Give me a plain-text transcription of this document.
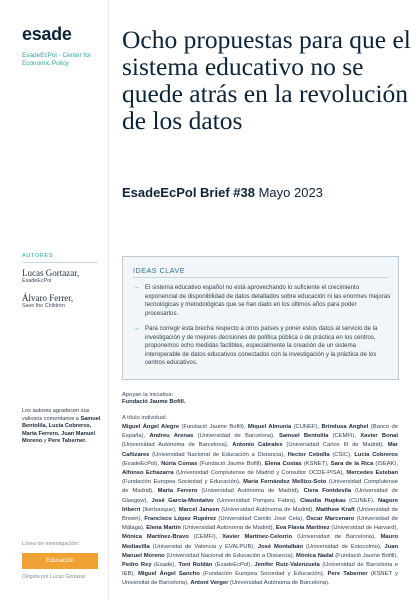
esade
EsadeEcPol - Center for Economic Policy
AUTORES
Lucas Gortazar,
EsadeEcPol
Álvaro Ferrer,
Save the Children
Los autores agradecen sus valiosos comentarios a Samuel Bentolila, Lucía Cobreros, Marta Ferrero, Juan Manuel Moreno y Pere Taberner.
Línea de investigación:
Educación
Dirigida por Lucas Gortazar
Ocho propuestas para que el sistema educativo no se quede atrás en la revolución de los datos
EsadeEcPol Brief #38 Mayo 2023
IDEAS CLAVE
→ El sistema educativo español no está aprovechando lo suficiente el crecimiento exponencial de disponibilidad de datos detallados sobre educación ni las enormes mejoras tecnológicas y metodológicas que se han dado en los últimos años para poder procesarlos.
→ Para corregir esta brecha respecto a otros países y poner estos datos al servicio de la investigación y de mejores decisiones de política pública o de práctica en los centros, proponemos ocho medidas factibles, especialmente la creación de un sistema interoperable de datos educativos conectados con la investigación y la práctica de los centros educativos.
Apoyan la iniciativa:
Fundació Jaume Bofill.
A título individual:
Miguel Ángel Alegre (Fundació Jaume Bofill), Miquel Almunia (CUNEF), Brindusa Anghel (Banco de España), Andreu Arenas (Universidad de Barcelona), Samuel Bentolila (CEMFI), Xavier Bonal (Universidad Autónoma de Barcelona), Antonio Cabrales (Universidad Carlos III de Madrid), Mar Cañizares (Universidad Nacional de Educación a Distancia), Hector Cebolla (CSIC), Lucía Cobreros (EsadeEcPol), Núria Comas (Fundació Jaume Bofill), Elena Costas (KSNET), Sara de la Rica (ISEAK), Alfonso Echazarra (Universidad Complutense de Madrid y Consultor OCDE-PISA), Mercedes Esteban (Fundación Europea Sociedad y Educación), María Fernández Mellizo-Soto (Universidad Complutense de Madrid), Marta Ferrero (Universidad Autónoma de Madrid), Ciera Fontdevila (Universidad de Glasgow), José García-Montalvo (Universidad Pompeu Fabra), Claudia Hupkau (CUNEF), Nagore Iriberri (Ikerbasque), Marcel Jansen (Universidad Autónoma de Madrid), Matthew Kraft (Universidad de Brown), Francisco López Rupérez (Universidad Camilo José Cela), Óscar Marcenaro (Universidad de Málaga), Elena Martín (Universidad Autónoma de Madrid), Eva Flavia Martínez (Universidad de Harvard), Mónica Martínez-Bravo (CEMFI), Xavier Martínez-Celorrio (Universidad de Barcelona), Mauro Mediavilla (Universitat de Valencia y EVALPUB), José Montalbán (Universidad de Estocolmo), Juan Manuel Moreno (Universidad Nacional de Educación a Distancia), Mónica Nadal (Fundació Jaume Bofill), Pedro Rey (Esade), Toni Roldán (EsadeEcPol), Jenifer Ruiz-Valenzuela (Universidad de Barcelona e IEB), Miguel Ángel Sancho (Fundación Europea Sociedad y Educación), Pere Taberner (KSNET y Universitat de Barcelona), Antoni Verger (Universidad Autónoma de Barcelona).
